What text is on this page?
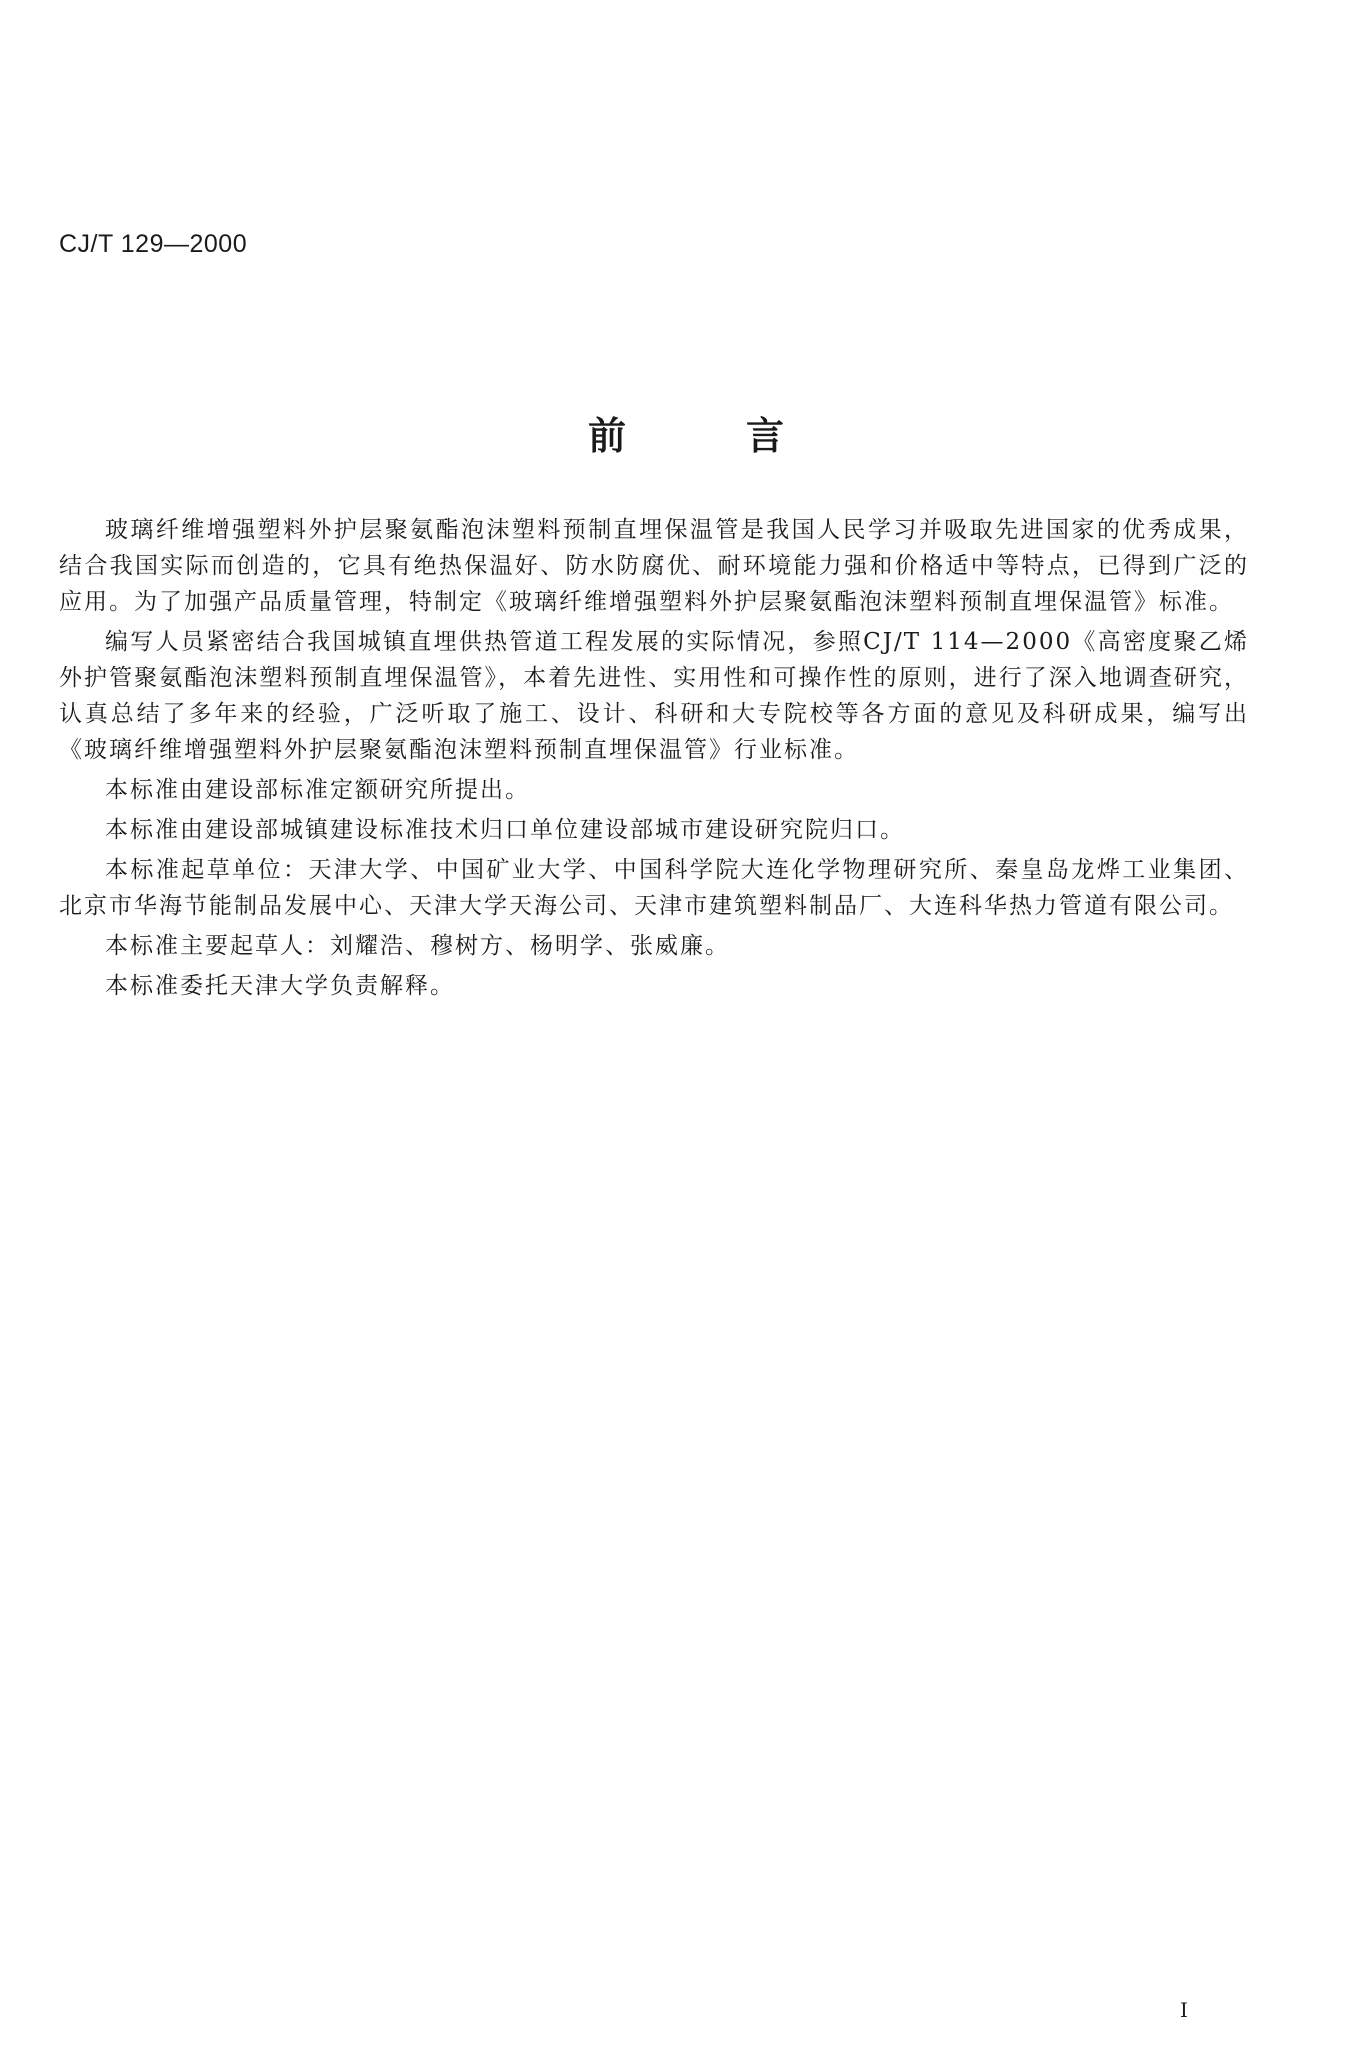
CJ/T 129—2000
前言

玻璃纤维增强塑料外护层聚氨酯泡沫塑料预制直埋保温管是我国人民学习并吸取先进国家的优秀成果，结合我国实际而创造的，它具有绝热保温好、防水防腐优、耐环境能力强和价格适中等特点，已得到广泛的应用。为了加强产品质量管理，特制定《玻璃纤维增强塑料外护层聚氨酯泡沫塑料预制直埋保温管》标准。

编写人员紧密结合我国城镇直埋供热管道工程发展的实际情况，参照CJ/T 114—2000《高密度聚乙烯外护管聚氨酯泡沫塑料预制直埋保温管》，本着先进性、实用性和可操作性的原则，进行了深入地调查研究，认真总结了多年来的经验，广泛听取了施工、设计、科研和大专院校等各方面的意见及科研成果，编写出《玻璃纤维增强塑料外护层聚氨酯泡沫塑料预制直埋保温管》行业标准。

本标准由建设部标准定额研究所提出。

本标准由建设部城镇建设标准技术归口单位建设部城市建设研究院归口。

本标准起草单位：天津大学、中国矿业大学、中国科学院大连化学物理研究所、秦皇岛龙烨工业集团、北京市华海节能制品发展中心、天津大学天海公司、天津市建筑塑料制品厂、大连科华热力管道有限公司。

本标准主要起草人：刘耀浩、穆树方、杨明学、张威廉。

本标准委托天津大学负责解释。

I
